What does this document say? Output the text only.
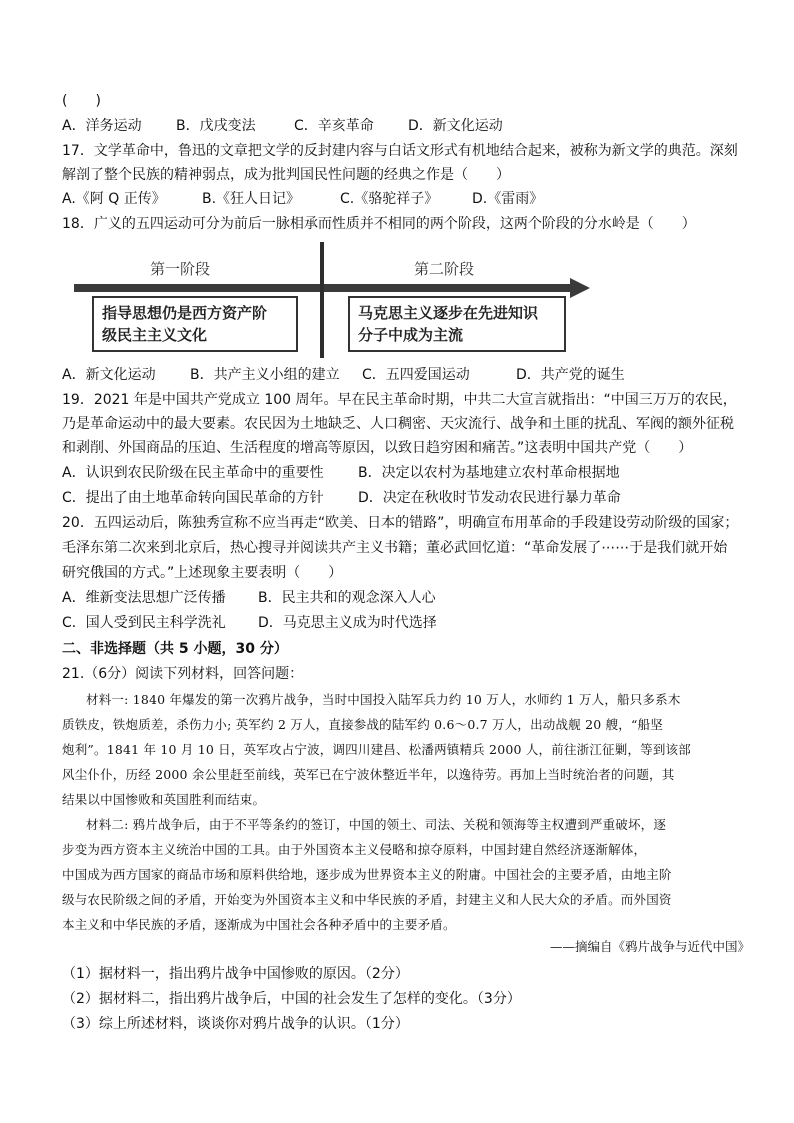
(　　)
A．洋务运动 B．戊戌变法	C．辛亥革命 D．新文化运动
17．文学革命中，鲁迅的文章把文学的反封建内容与白话文形式有机地结合起来，被称为新文学的典范。深刻
解剖了整个民族的精神弱点，成为批判国民性问题的经典之作是（　　）
A.《阿 Q 正传》	B.《狂人日记》	C.《骆驼祥子》 D.《雷雨》
18．广义的五四运动可分为前后一脉相承而性质并不相同的两个阶段，这两个阶段的分水岭是（　　）
第一阶段	第二阶段
指导思想仍是西方资产阶
级民主主义文化
马克思主义逐步在先进知识
分子中成为主流
A．新文化运动 B．共产主义小组的建立 C．五四爱国运动	D．共产党的诞生
19．2021 年是中国共产党成立 100 周年。早在民主革命时期，中共二大宣言就指出：“中国三万万的农民，
乃是革命运动中的最大要素。农民因为土地缺乏、人口稠密、天灾流行、战争和土匪的扰乱、军阀的额外征税
和剥削、外国商品的压迫、生活程度的增高等原因，以致日趋穷困和痛苦。”这表明中国共产党（　　）
A．认识到农民阶级在民主革命中的重要性 B．决定以农村为基地建立农村革命根据地
C．提出了由土地革命转向国民革命的方针 D．决定在秋收时节发动农民进行暴力革命
20．五四运动后，陈独秀宣称不应当再走“欧美、日本的错路”，明确宣布用革命的手段建设劳动阶级的国家；
毛泽东第二次来到北京后，热心搜寻并阅读共产主义书籍；董必武回忆道：“革命发展了⋯⋯于是我们就开始
研究俄国的方式。”上述现象主要表明（　　）
A．维新变法思想广泛传播 B．民主共和的观念深入人心
C．国人受到民主科学洗礼 D．马克思主义成为时代选择
二、非选择题（共 5 小题，30 分）
21.（6分）阅读下列材料，回答问题：
材料一: 1840 年爆发的第一次鸦片战争，当时中国投入陆军兵力约 10 万人，水师约 1 万人，船只多系木
质铁皮，铁炮质差，杀伤力小; 英军约 2 万人，直接参战的陆军约 0.6～0.7 万人，出动战舰 20 艘，“船坚
炮利”。1841 年 10 月 10 日，英军攻占宁波，调四川建昌、松潘两镇精兵 2000 人，前往浙江征剿，等到该部
风尘仆仆，历经 2000 余公里赶至前线，英军已在宁波休整近半年，以逸待劳。再加上当时统治者的问题，其
结果以中国惨败和英国胜利而结束。
材料二: 鸦片战争后，由于不平等条约的签订，中国的领土、司法、关税和领海等主权遭到严重破坏，逐
步变为西方资本主义统治中国的工具。由于外国资本主义侵略和掠夺原料，中国封建自然经济逐渐解体，
中国成为西方国家的商品市场和原料供给地，逐步成为世界资本主义的附庸。中国社会的主要矛盾，由地主阶
级与农民阶级之间的矛盾，开始变为外国资本主义和中华民族的矛盾，封建主义和人民大众的矛盾。而外国资
本主义和中华民族的矛盾，逐渐成为中国社会各种矛盾中的主要矛盾。
——摘编自《鸦片战争与近代中国》
（1）据材料一，指出鸦片战争中国惨败的原因。（2分）
（2）据材料二，指出鸦片战争后，中国的社会发生了怎样的变化。（3分）
（3）综上所述材料，谈谈你对鸦片战争的认识。（1分）
